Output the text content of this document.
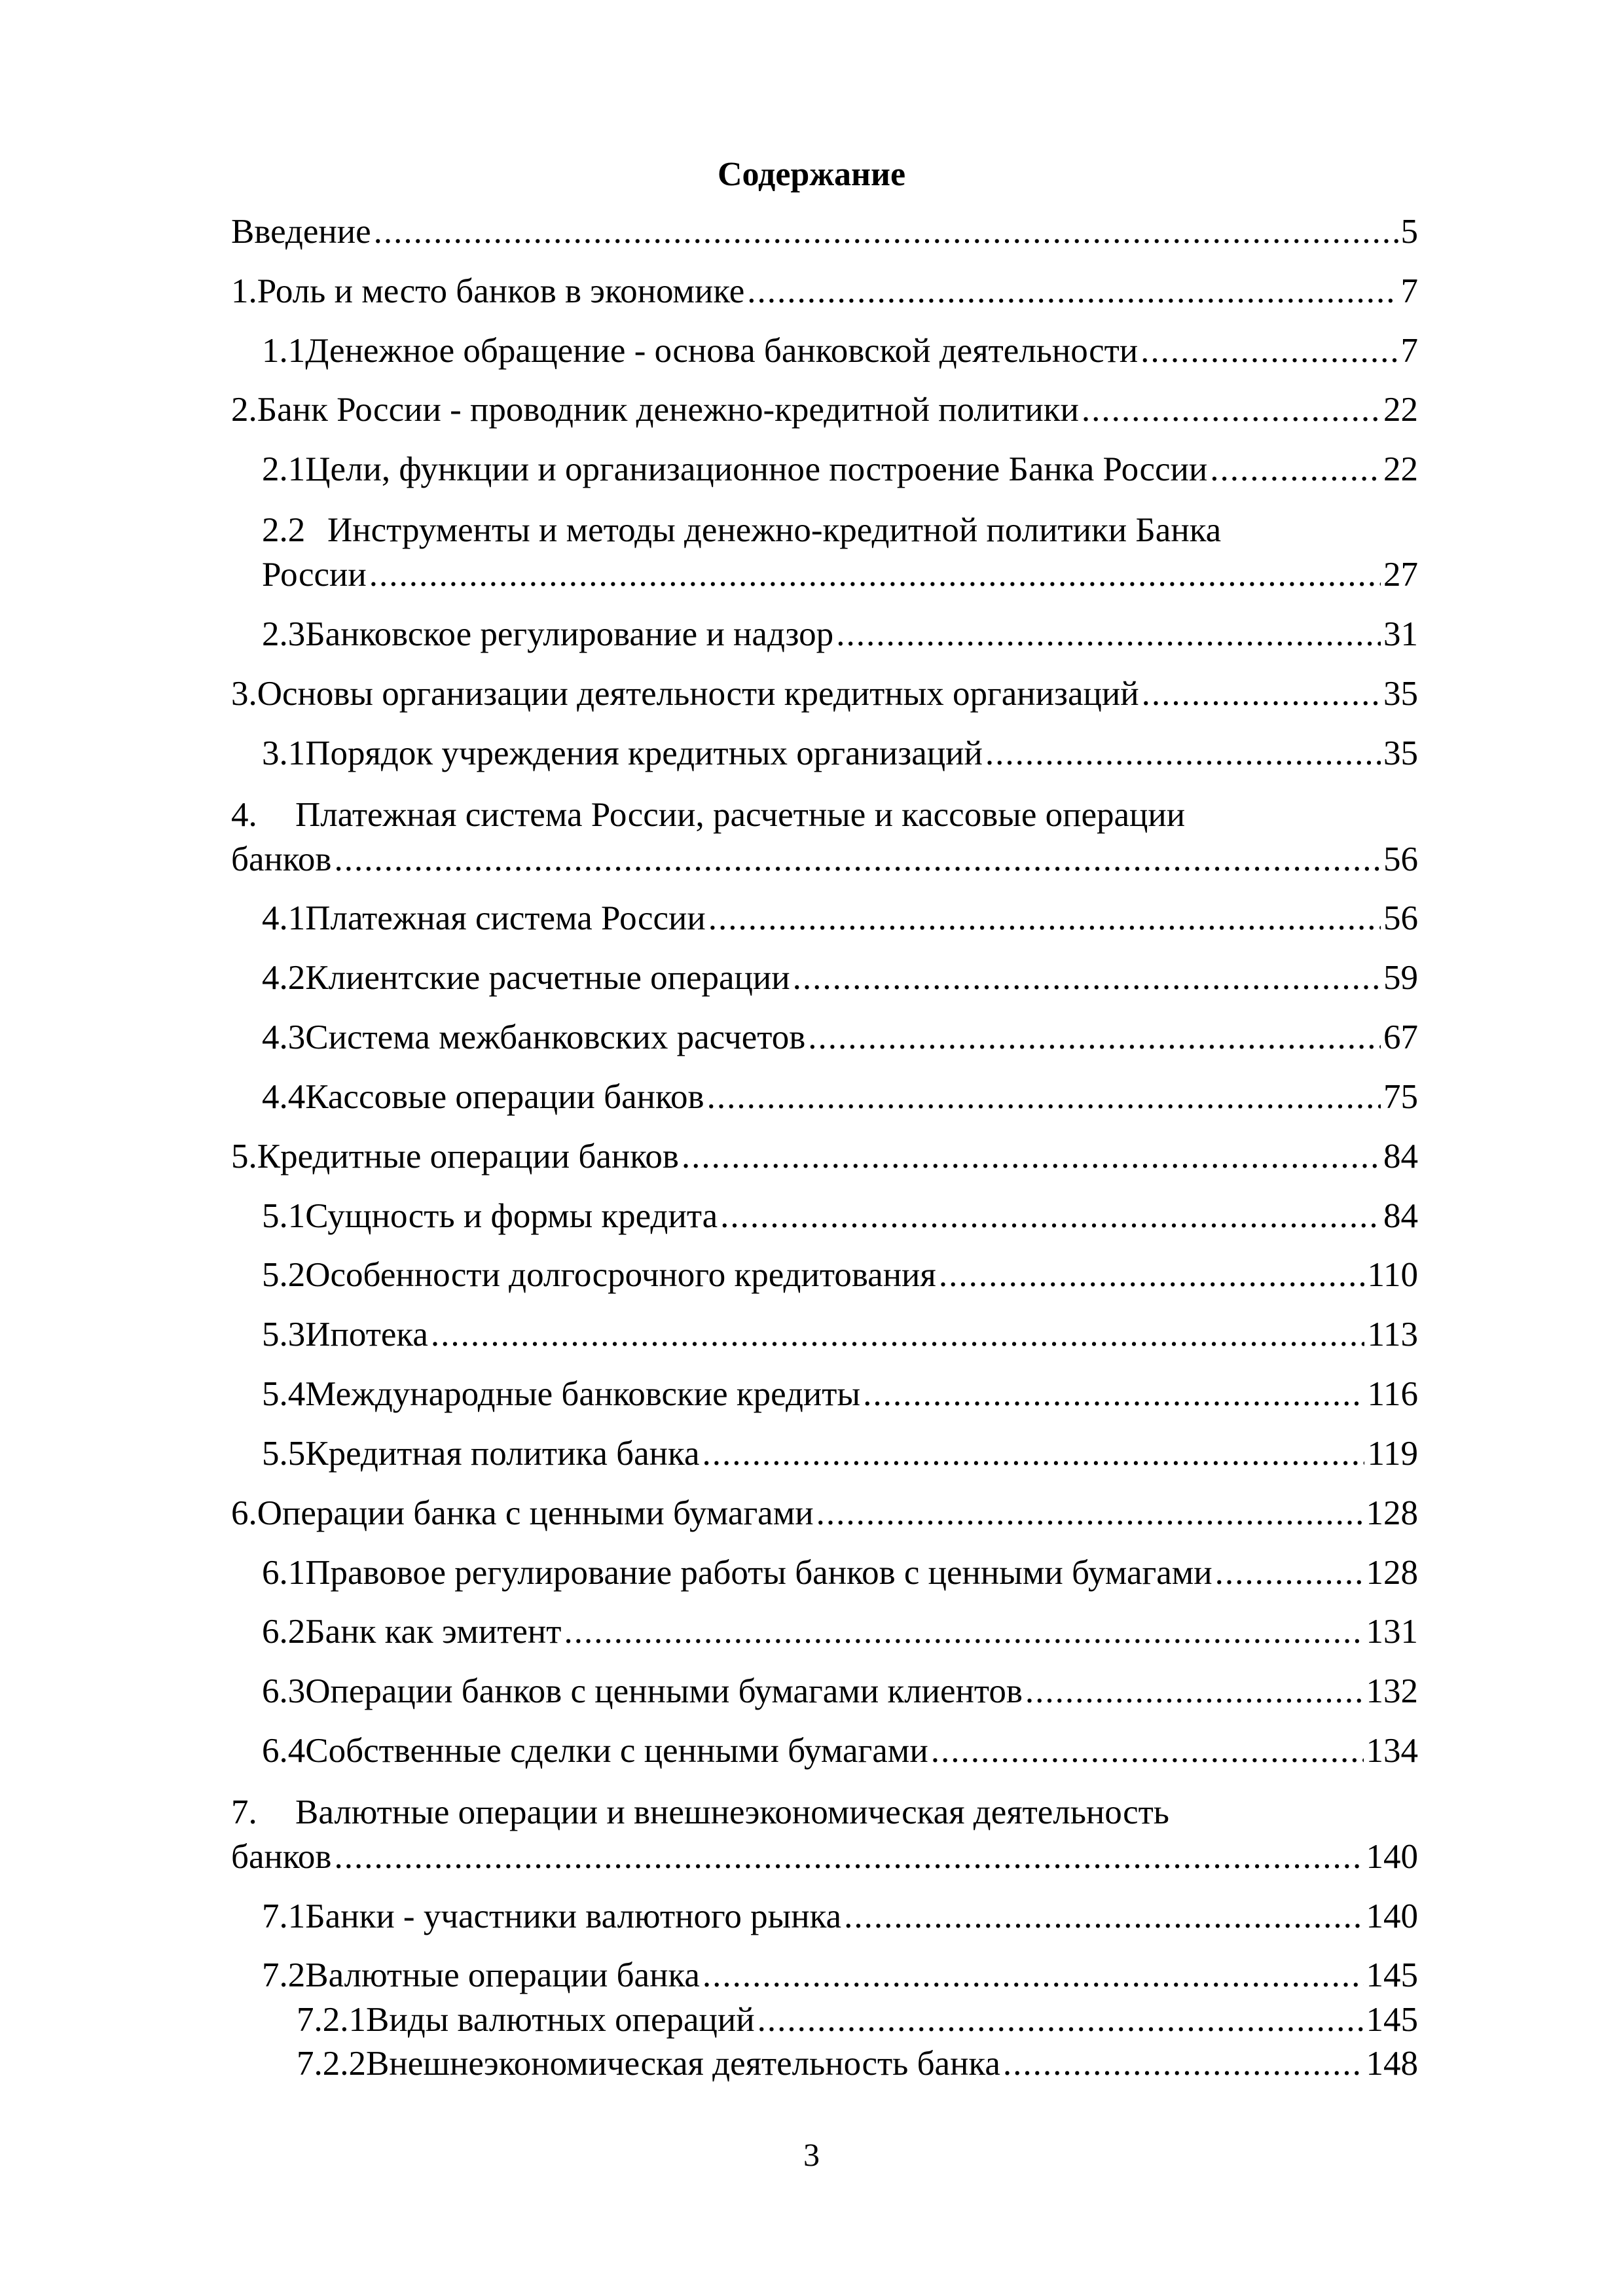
Содержание
Введение .....	5
1. Роль и место банков в экономике .....	7
1.1 Денежное обращение - основа банковской деятельности .....	7
2. Банк России - проводник денежно-кредитной политики .....	22
2.1 Цели, функции и организационное построение Банка России .....	22
2.2 Инструменты и методы денежно-кредитной политики Банка
России .....	27
2.3 Банковское регулирование и надзор .....	31
3. Основы организации деятельности кредитных организаций .....	35
3.1 Порядок учреждения кредитных организаций .....	35
4. Платежная система России, расчетные и кассовые операции
банков .....	56
4.1 Платежная система России .....	56
4.2 Клиентские расчетные операции .....	59
4.3 Система межбанковских расчетов .....	67
4.4 Кассовые операции банков .....	75
5. Кредитные операции банков .....	84
5.1 Сущность и формы кредита .....	84
5.2 Особенности долгосрочного кредитования .....	110
5.3 Ипотека .....	113
5.4 Международные банковские кредиты .....	116
5.5 Кредитная политика банка .....	119
6. Операции банка с ценными бумагами .....	128
6.1 Правовое регулирование работы банков с ценными бумагами .....	128
6.2 Банк как эмитент .....	131
6.3 Операции банков с ценными бумагами клиентов .....	132
6.4 Собственные сделки с ценными бумагами .....	134
7. Валютные операции и внешнеэкономическая деятельность
банков .....	140
7.1 Банки - участники валютного рынка .....	140
7.2 Валютные операции банка .....	145
7.2.1 Виды валютных операций .....	145
7.2.2 Внешнеэкономическая деятельность банка .....	148
3
